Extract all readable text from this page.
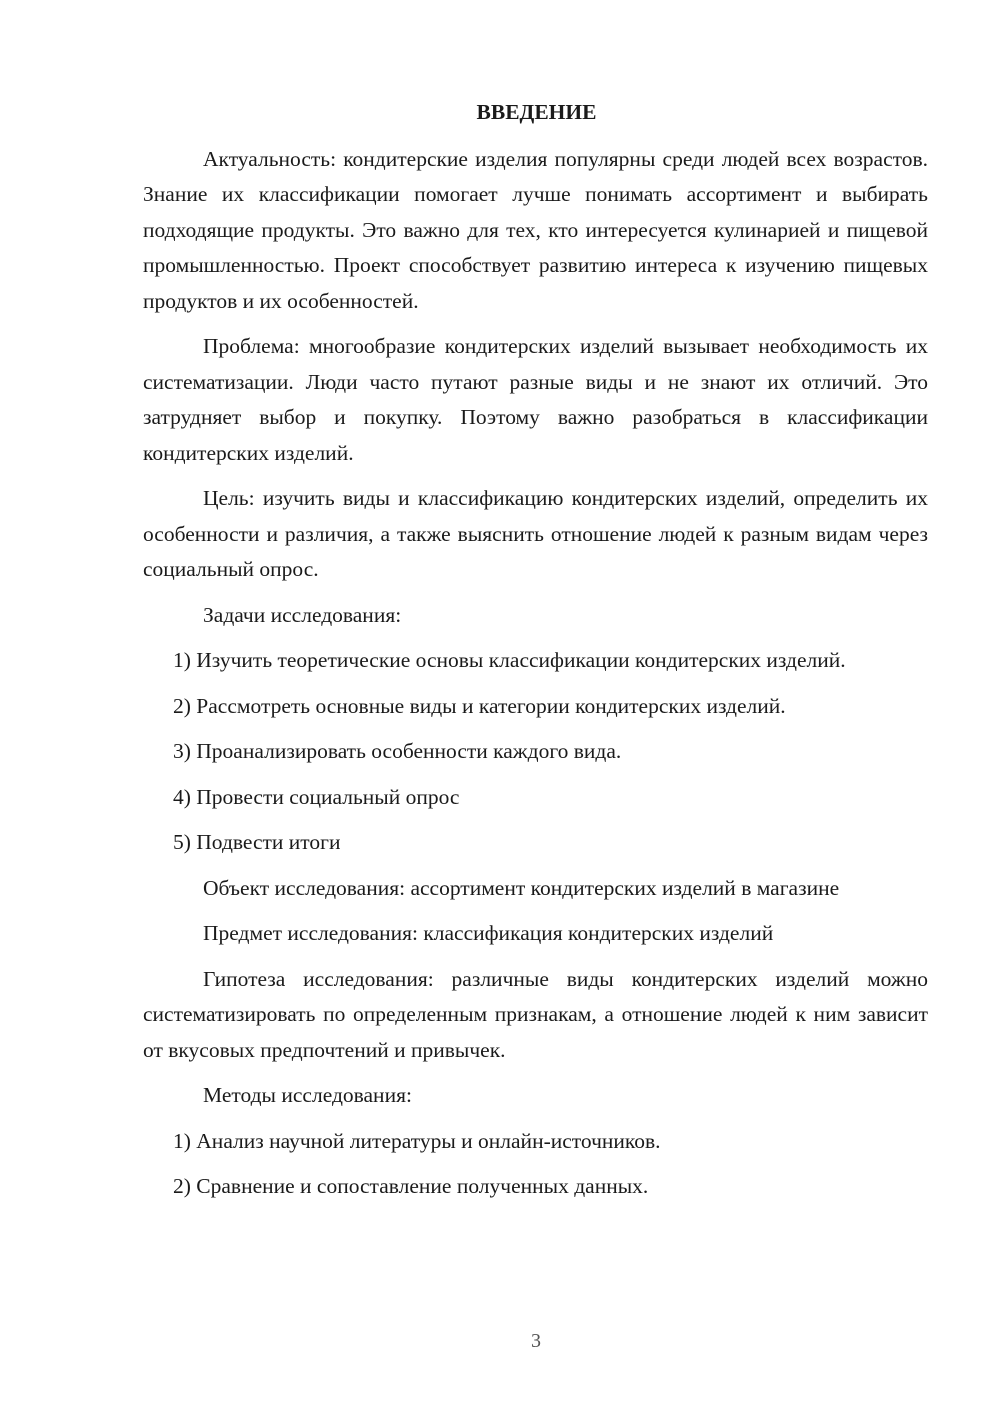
ВВЕДЕНИЕ

Актуальность: кондитерские изделия популярны среди людей всех возрастов. Знание их классификации помогает лучше понимать ассортимент и выбирать подходящие продукты. Это важно для тех, кто интересуется кулинарией и пищевой промышленностью. Проект способствует развитию интереса к изучению пищевых продуктов и их особенностей.

Проблема: многообразие кондитерских изделий вызывает необходимость их систематизации. Люди часто путают разные виды и не знают их отличий. Это затрудняет выбор и покупку. Поэтому важно разобраться в классификации кондитерских изделий.

Цель: изучить виды и классификацию кондитерских изделий, определить их особенности и различия, а также выяснить отношение людей к разным видам через социальный опрос.

Задачи исследования:

1) Изучить теоретические основы классификации кондитерских изделий.

2) Рассмотреть основные виды и категории кондитерских изделий.

3) Проанализировать особенности каждого вида.

4) Провести социальный опрос

5) Подвести итоги

Объект исследования: ассортимент кондитерских изделий в магазине

Предмет исследования: классификация кондитерских изделий

Гипотеза исследования: различные виды кондитерских изделий можно систематизировать по определенным признакам, а отношение людей к ним зависит от вкусовых предпочтений и привычек.

Методы исследования:

1) Анализ научной литературы и онлайн-источников.

2) Сравнение и сопоставление полученных данных.

3
